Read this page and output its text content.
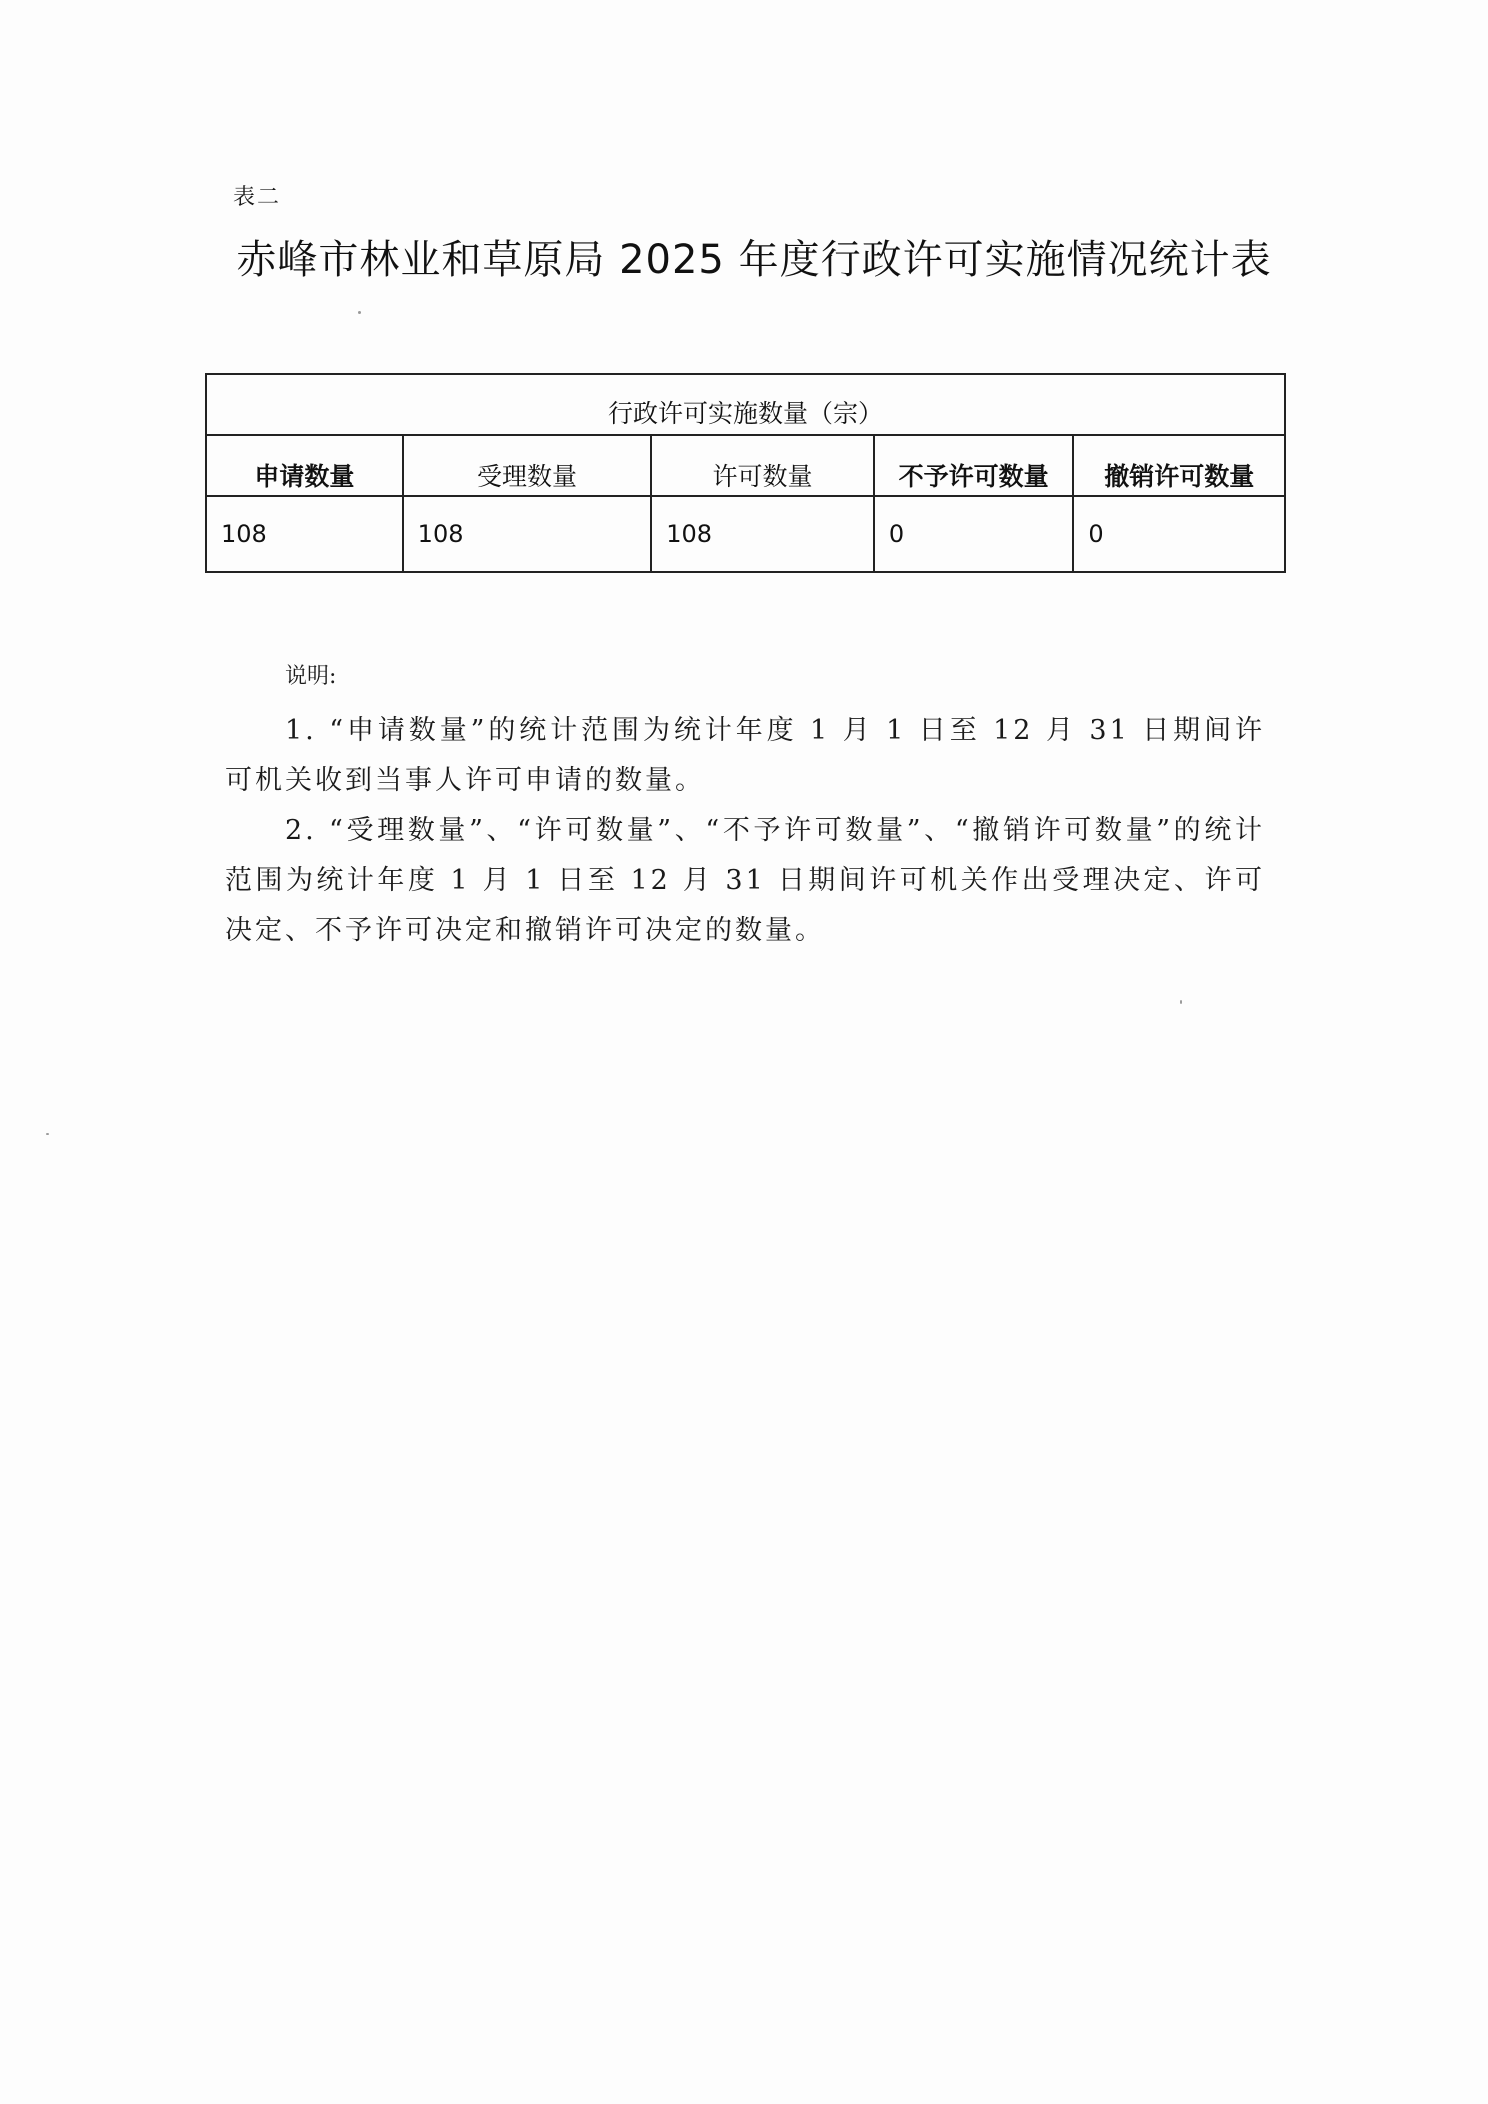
表二
赤峰市林业和草原局 2025 年度行政许可实施情况统计表
行政许可实施数量（宗）				
申请数量	受理数量	许可数量	不予许可数量	撤销许可数量
108	108	108	0	0
说明:

1. “申请数量”的统计范围为统计年度 1 月 1 日至 12 月 31 日期间许可机关收到当事人许可申请的数量。

2. “受理数量”、“许可数量”、“不予许可数量”、“撤销许可数量”的统计范围为统计年度 1 月 1 日至 12 月 31 日期间许可机关作出受理决定、许可决定、不予许可决定和撤销许可决定的数量。
